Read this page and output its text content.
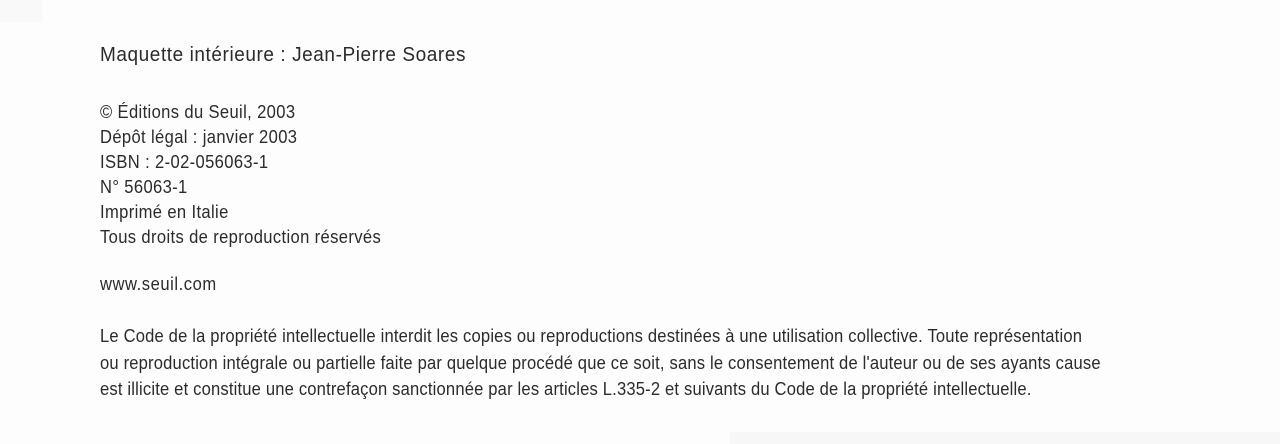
Maquette intérieure : Jean-Pierre Soares
© Éditions du Seuil, 2003
Dépôt légal : janvier 2003
ISBN : 2-02-056063-1
N° 56063-1
Imprimé en Italie
Tous droits de reproduction réservés
www.seuil.com
Le Code de la propriété intellectuelle interdit les copies ou reproductions destinées à une utilisation collective. Toute représentation
ou reproduction intégrale ou partielle faite par quelque procédé que ce soit, sans le consentement de l'auteur ou de ses ayants cause
est illicite et constitue une contrefaçon sanctionnée par les articles L.335-2 et suivants du Code de la propriété intellectuelle.
